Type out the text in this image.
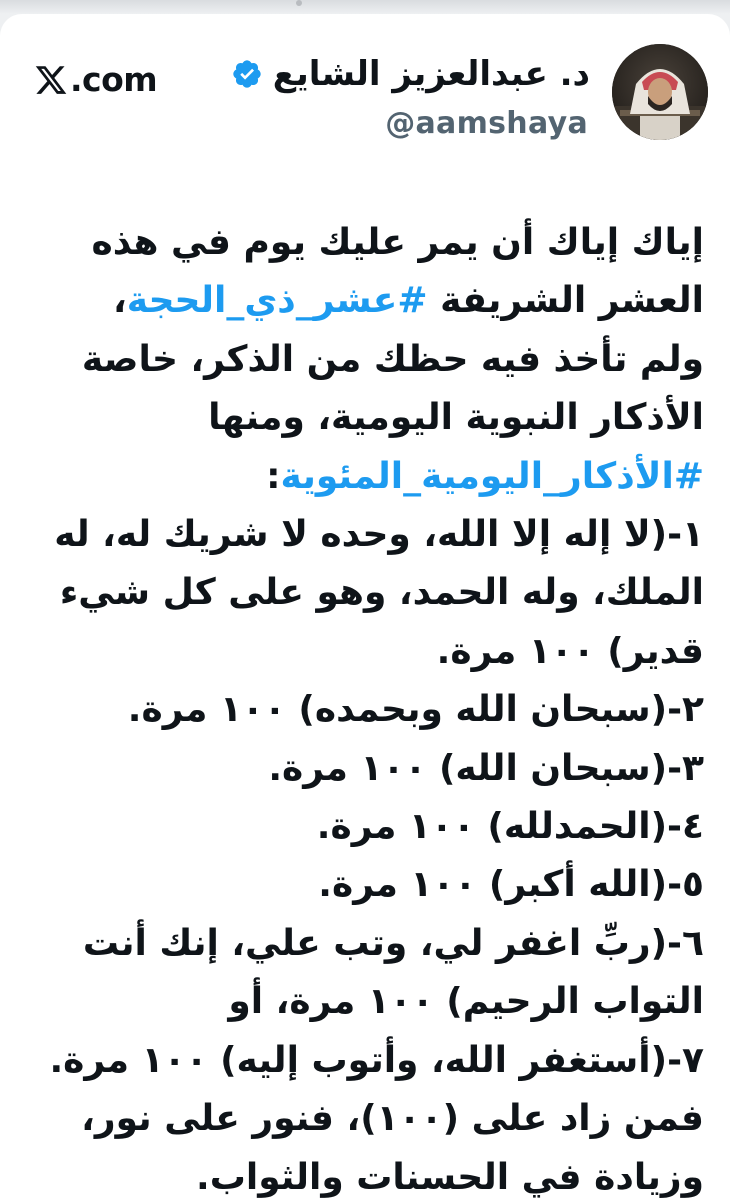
.com	د. عبدالعزيز الشايع
@aamshaya
إياك إياك أن يمر عليك يوم في هذه
العشر الشريفة #عشر_ذي_الحجة،
ولم تأخذ فيه حظك من الذكر، خاصة
الأذكار النبوية اليومية، ومنها
#الأذكار_اليومية_المئوية:
١-(لا إله إلا الله، وحده لا شريك له، له
الملك، وله الحمد، وهو على كل شيء
قدير) ١٠٠ مرة.
٢-(سبحان الله وبحمده) ١٠٠ مرة.
٣-(سبحان الله) ١٠٠ مرة.
٤-(الحمدلله) ١٠٠ مرة.
٥-(الله أكبر) ١٠٠ مرة.
٦-(ربِّ اغفر لي، وتب علي، إنك أنت
التواب الرحيم) ١٠٠ مرة، أو
٧-(أستغفر الله، وأتوب إليه) ١٠٠ مرة.
فمن زاد على (١٠٠)، فنور على نور،
وزيادة في الحسنات والثواب.
